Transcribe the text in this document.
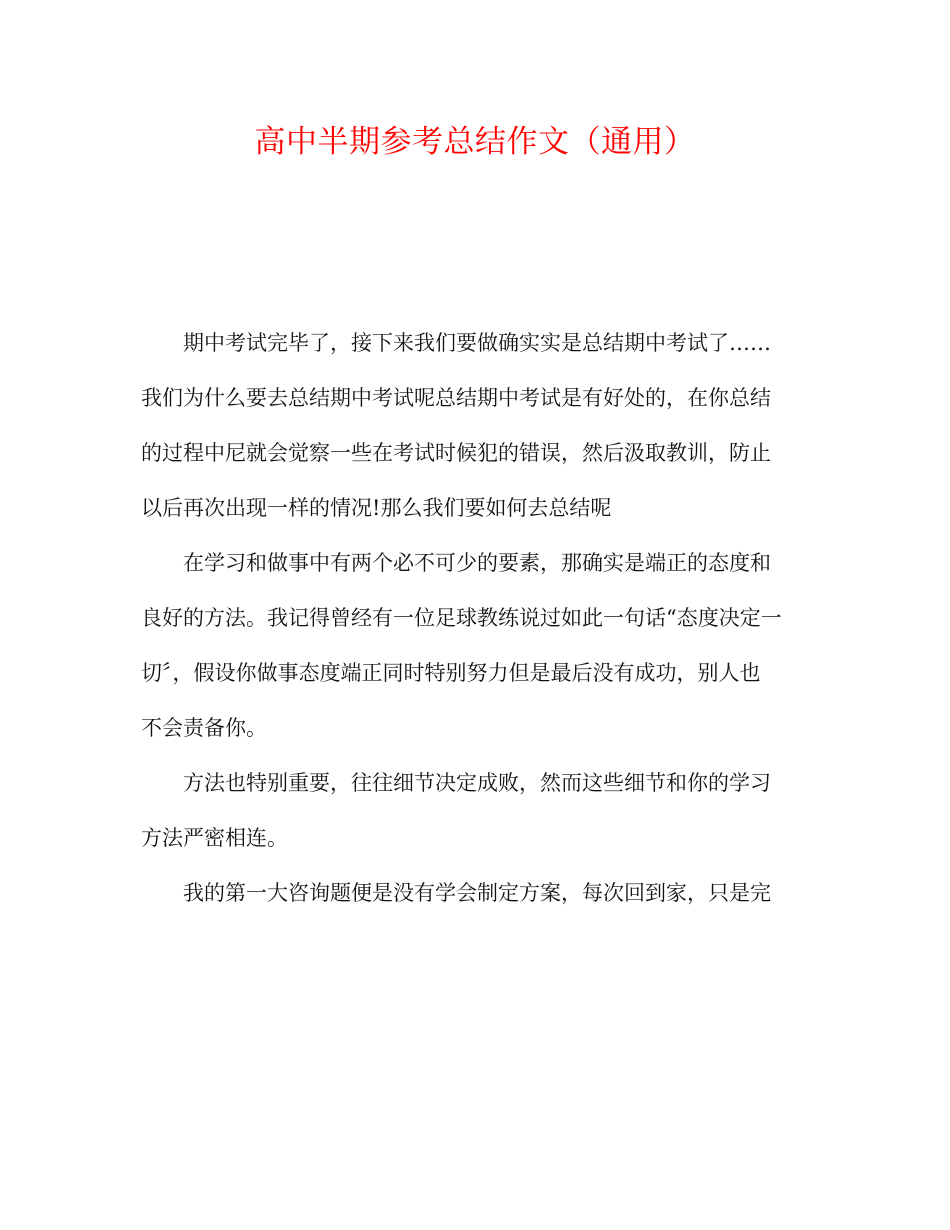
高中半期参考总结作文（通用）

期中考试完毕了，接下来我们要做确实实是总结期中考试了……
我们为什么要去总结期中考试呢总结期中考试是有好处的，在你总结
的过程中尼就会觉察一些在考试时候犯的错误，然后汲取教训，防止
以后再次出现一样的情况!那么我们要如何去总结呢

在学习和做事中有两个必不可少的要素，那确实是端正的态度和
良好的方法。我记得曾经有一位足球教练说过如此一句话“态度决定一
切〞，假设你做事态度端正同时特别努力但是最后没有成功，别人也
不会责备你。

方法也特别重要，往往细节决定成败，然而这些细节和你的学习
方法严密相连。

我的第一大咨询题便是没有学会制定方案，每次回到家，只是完
